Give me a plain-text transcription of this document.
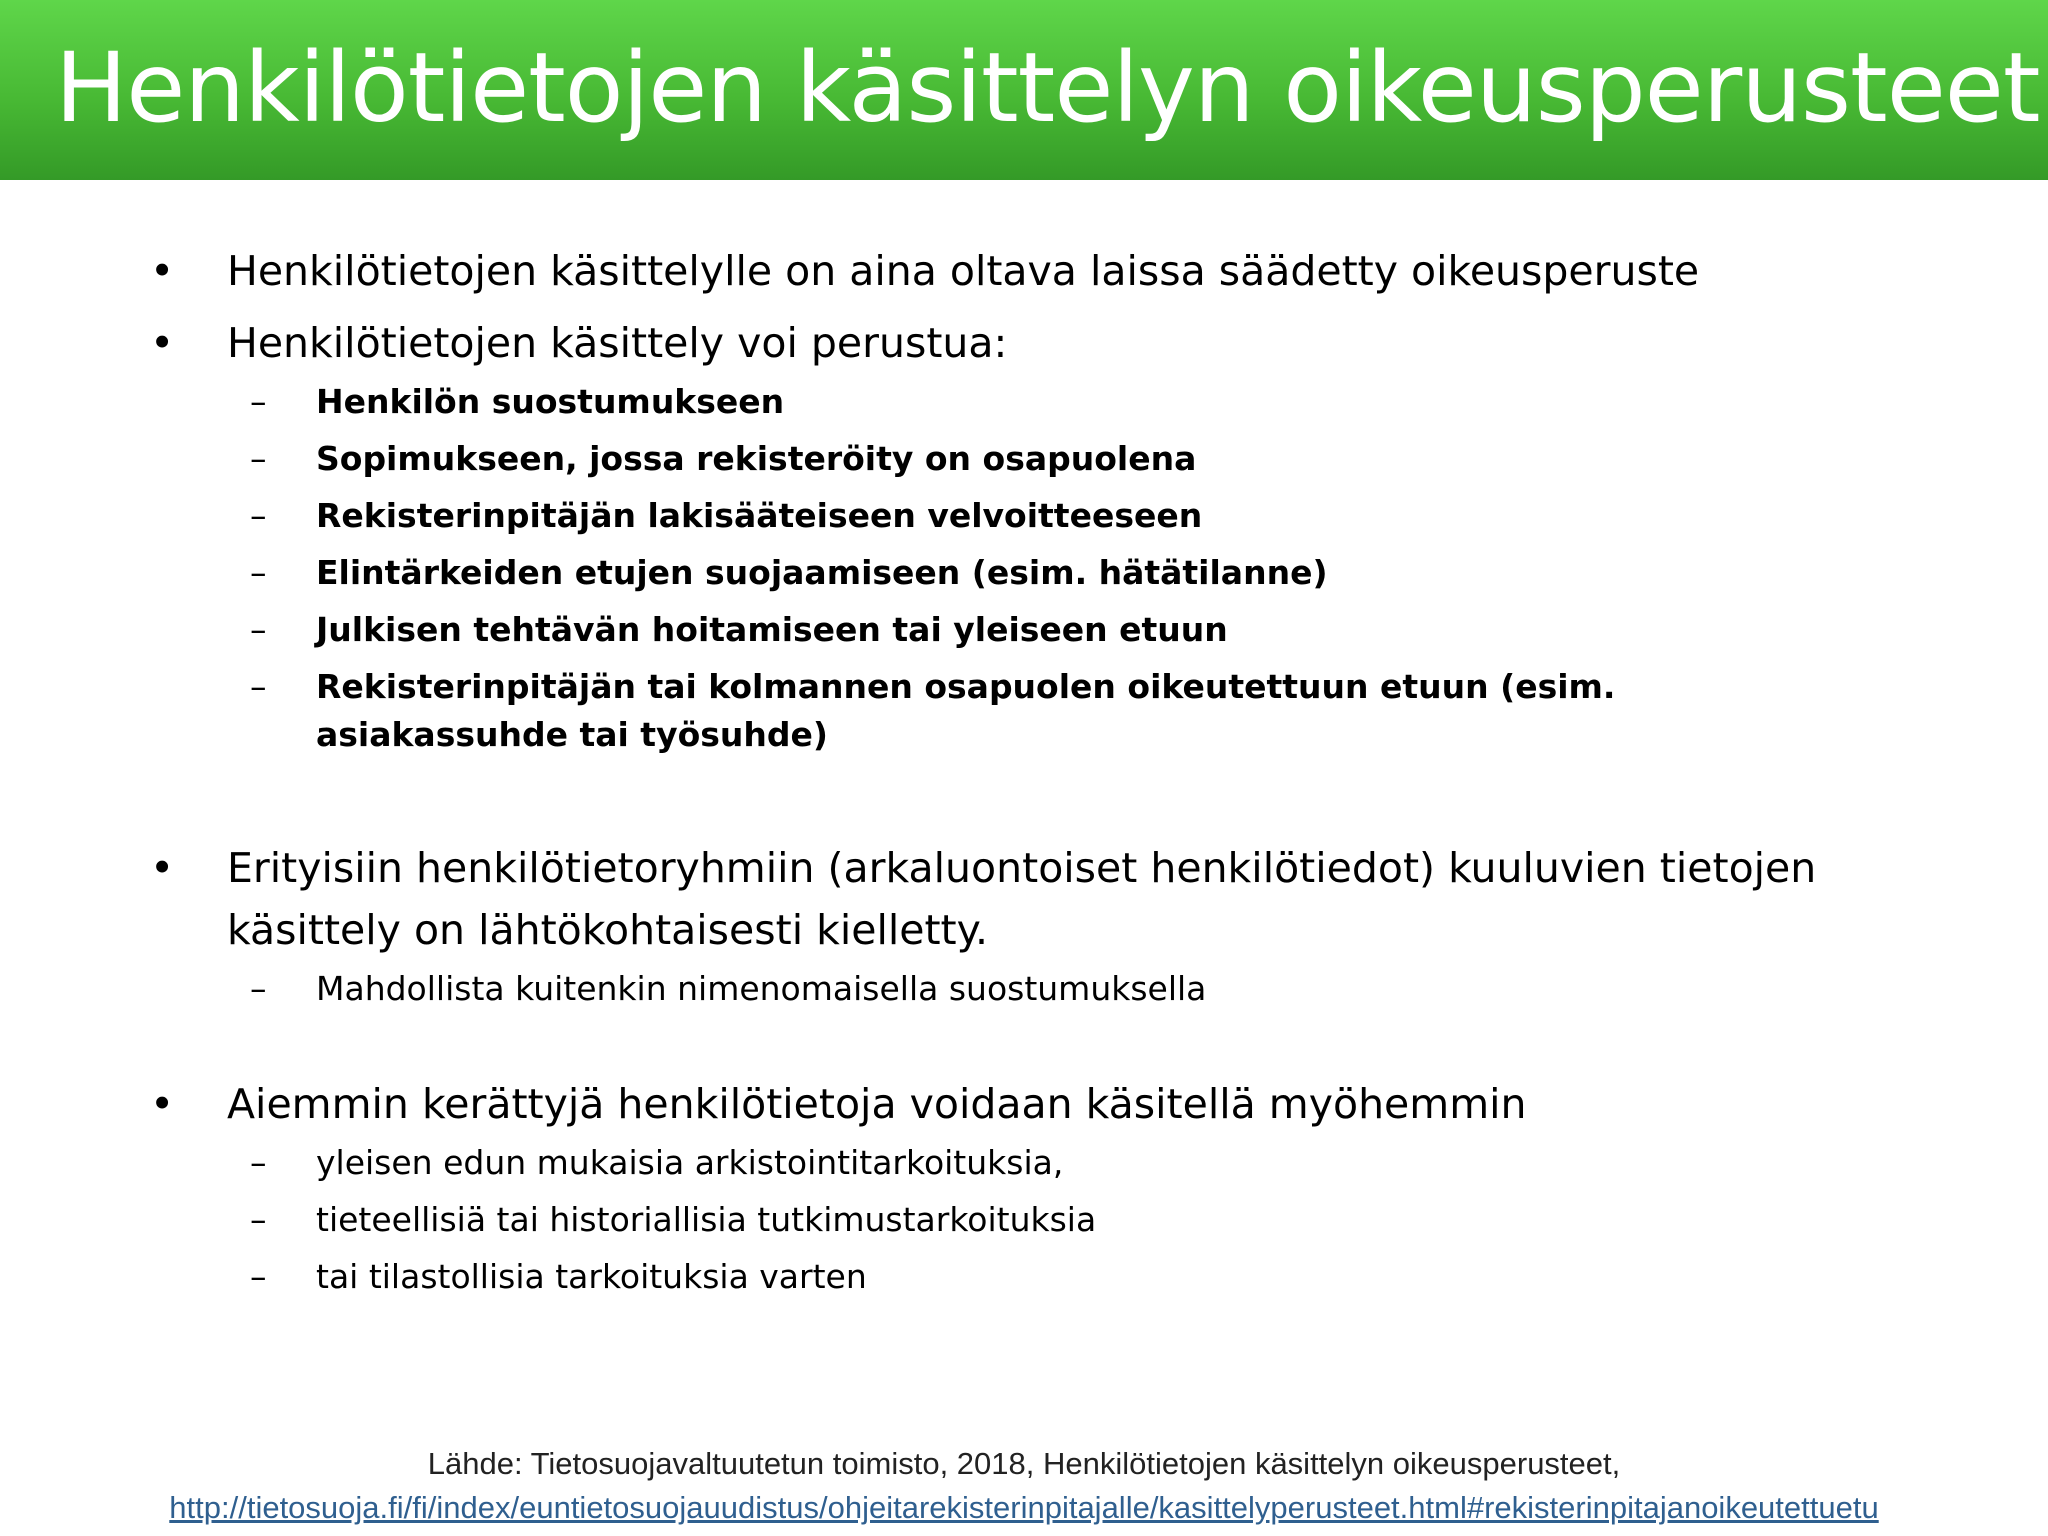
Henkilötietojen käsittelyn oikeusperusteet
• Henkilötietojen käsittelylle on aina oltava laissa säädetty oikeusperuste
• Henkilötietojen käsittely voi perustua:
– Henkilön suostumukseen
– Sopimukseen, jossa rekisteröity on osapuolena
– Rekisterinpitäjän lakisääteiseen velvoitteeseen
– Elintärkeiden etujen suojaamiseen (esim. hätätilanne)
– Julkisen tehtävän hoitamiseen tai yleiseen etuun
– Rekisterinpitäjän tai kolmannen osapuolen oikeutettuun etuun (esim. asiakassuhde tai työsuhde)
• Erityisiin henkilötietoryhmiin (arkaluontoiset henkilötiedot) kuuluvien tietojen käsittely on lähtökohtaisesti kielletty.
– Mahdollista kuitenkin nimenomaisella suostumuksella
• Aiemmin kerättyjä henkilötietoja voidaan käsitellä myöhemmin
– yleisen edun mukaisia arkistointitarkoituksia,
– tieteellisiä tai historiallisia tutkimustarkoituksia
– tai tilastollisia tarkoituksia varten
Lähde: Tietosuojavaltuutetun toimisto, 2018, Henkilötietojen käsittelyn oikeusperusteet,
http://tietosuoja.fi/fi/index/euntietosuojauudistus/ohjeitarekisterinpitajalle/kasittelyperusteet.html#rekisterinpitajanoikeutettuetu
